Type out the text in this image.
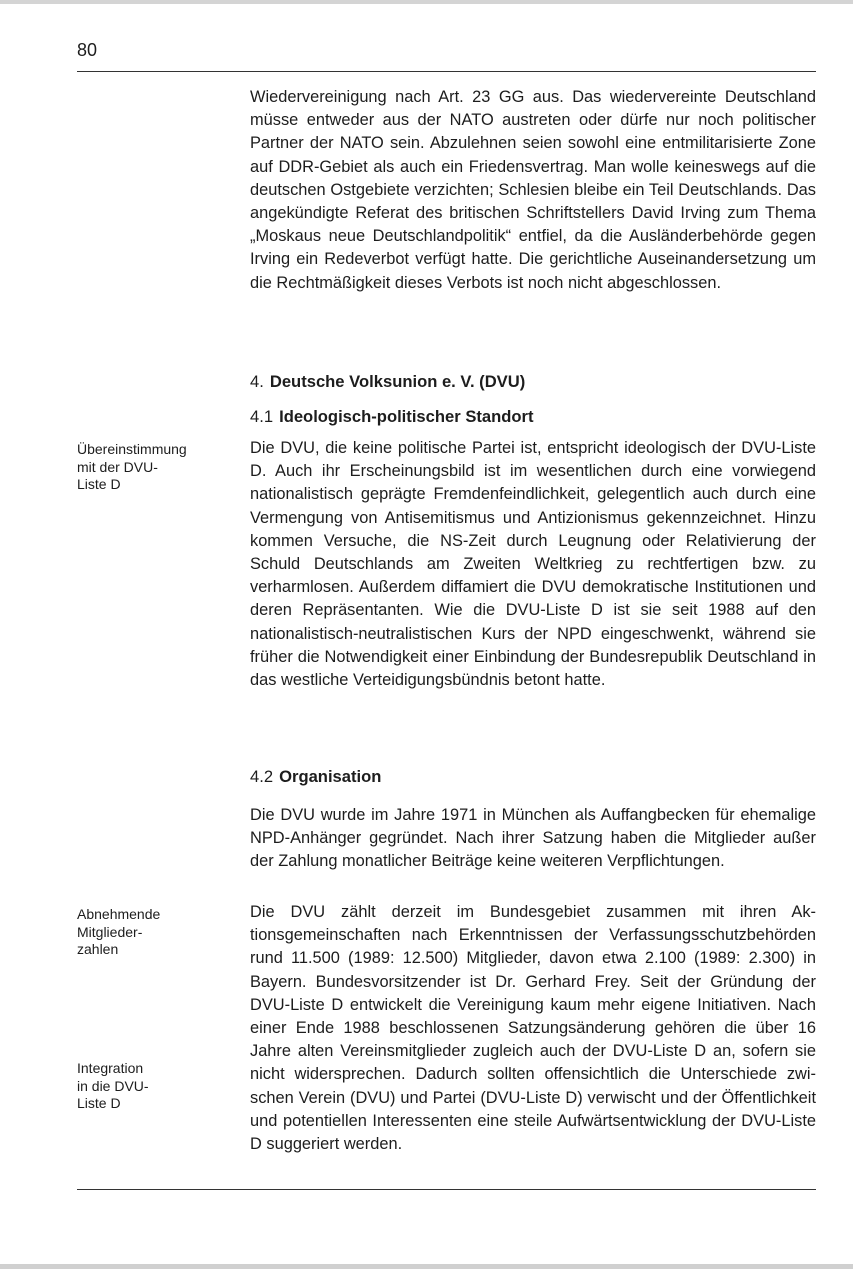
80

Wiedervereinigung nach Art. 23 GG aus. Das wiedervereinte Deutschland müsse entweder aus der NATO austreten oder dürfe nur noch politischer Partner der NATO sein. Abzulehnen seien sowohl eine entmilitarisierte Zone auf DDR-Gebiet als auch ein Friedensvertrag. Man wolle keineswegs auf die deutschen Ostgebiete verzichten; Schlesien bleibe ein Teil Deutschlands. Das angekündigte Referat des britischen Schriftstellers David Irving zum Thema „Moskaus neue Deutschlandpolitik“ entfiel, da die Ausländerbehörde gegen Irving ein Redeverbot verfügt hatte. Die gerichtliche Auseinandersetzung um die Rechtmäßigkeit dieses Verbots ist noch nicht abgeschlossen.

4. Deutsche Volksunion e. V. (DVU)

4.1 Ideologisch-politischer Standort

Übereinstimmung
mit der DVU-
Liste D

Die DVU, die keine politische Partei ist, entspricht ideologisch der DVU-Liste D. Auch ihr Erscheinungsbild ist im wesentlichen durch eine vorwiegend nationalistisch geprägte Fremdenfeindlichkeit, gelegentlich auch durch eine Vermengung von Antisemitismus und Antizionismus gekennzeichnet. Hinzu kommen Versuche, die NS-Zeit durch Leugnung oder Relativierung der Schuld Deutschlands am Zweiten Weltkrieg zu rechtfertigen bzw. zu verharmlosen. Außerdem diffamiert die DVU demokratische Institutionen und deren Repräsentanten. Wie die DVU-Liste D ist sie seit 1988 auf den nationalistisch-neutralistischen Kurs der NPD eingeschwenkt, während sie früher die Notwendigkeit einer Einbindung der Bundesrepublik Deutschland in das westliche Verteidigungsbündnis betont hatte.

4.2 Organisation

Die DVU wurde im Jahre 1971 in München als Auffangbecken für ehemalige NPD-Anhänger gegründet. Nach ihrer Satzung haben die Mitglieder außer der Zahlung monatlicher Beiträge keine weiteren Verpflichtungen.

Abnehmende
Mitglieder-
zahlen
Integration
in die DVU-
Liste D

Die DVU zählt derzeit im Bundesgebiet zusammen mit ihren Aktionsgemeinschaften nach Erkenntnissen der Verfassungsschutzbehörden rund 11.500 (1989: 12.500) Mitglieder, davon etwa 2.100 (1989: 2.300) in Bayern. Bundesvorsitzender ist Dr. Gerhard Frey. Seit der Gründung der DVU-Liste D entwickelt die Vereinigung kaum mehr eigene Initiativen. Nach einer Ende 1988 beschlossenen Satzungsänderung gehören die über 16 Jahre alten Vereinsmitglieder zugleich auch der DVU-Liste D an, sofern sie nicht widersprechen. Dadurch sollten offensichtlich die Unterschiede zwischen Verein (DVU) und Partei (DVU-Liste D) verwischt und der Öffentlichkeit und potentiellen Interessenten eine steile Aufwärtsentwicklung der DVU-Liste D suggeriert werden.
